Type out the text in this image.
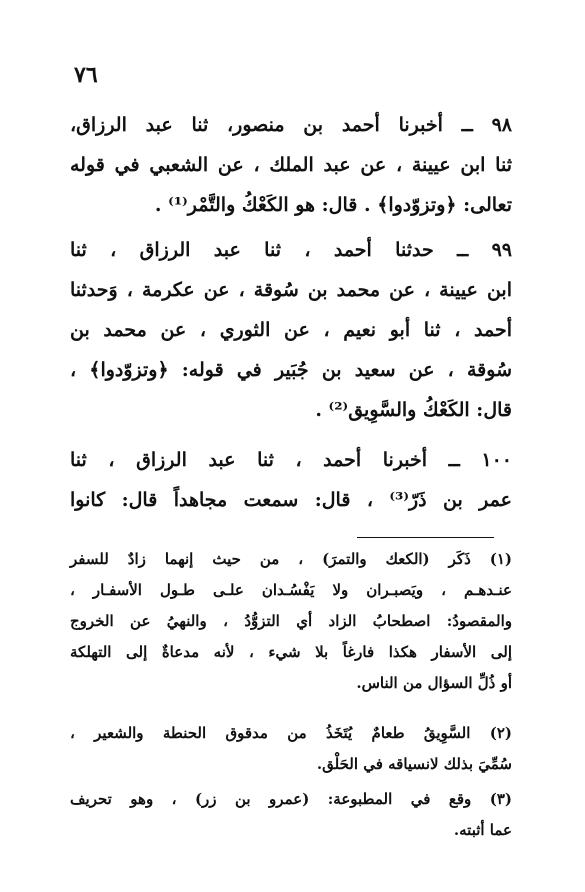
٧٦
٩٨ ــ أخبرنا أحمد بن منصور، ثنا عبد الرزاق،
ثنا ابن عيينة ، عن عبد الملك ، عن الشعبي في قوله
تعالى: ﴿وتزوّدوا﴾ . قال: هو الكَعْكُ والتَّمْر⁽¹⁾ .
٩٩ ــ حدثنا أحمد ، ثنا عبد الرزاق ، ثنا
ابن عيينة ، عن محمد بن سُوقة ، عن عكرمة ، وَحدثنا
أحمد ، ثنا أبو نعيم ، عن الثوري ، عن محمد بن
سُوقة ، عن سعيد بن جُبَير في قوله: ﴿وتزوّدوا﴾ ،
قال: الكَعْكُ والسَّوِيق⁽²⁾ .
١٠٠ ــ أخبرنا أحمد ، ثنا عبد الرزاق ، ثنا
عمر بن ذَرّ⁽³⁾ ، قال: سمعت مجاهداً قال: كانوا
(١) ذَكَر (الكعك والتمرَ) ، من حيث إنهما زادٌ للسفر
عنـدهـم ، ويَصبـران ولا يَفْسُـدان علـى طـول الأسفـار ،
والمقصودُ: اصطحابُ الزاد أي التزوُّدُ ، والنهيُ عن الخروج
إلى الأسفار هكذا فارغاً بلا شيء ، لأنه مدعاةٌ إلى التهلكة
أو ذُلِّ السؤال من الناس.
(٢) السَّوِيقُ طعامٌ يُتَخَذُ من مدقوق الحنطة والشعير ،
سُمِّيَ بذلك لانسياقه في الحَلْق.
(٣) وقع في المطبوعة: (عمرو بن زر) ، وهو تحريف
عما أثبته.
